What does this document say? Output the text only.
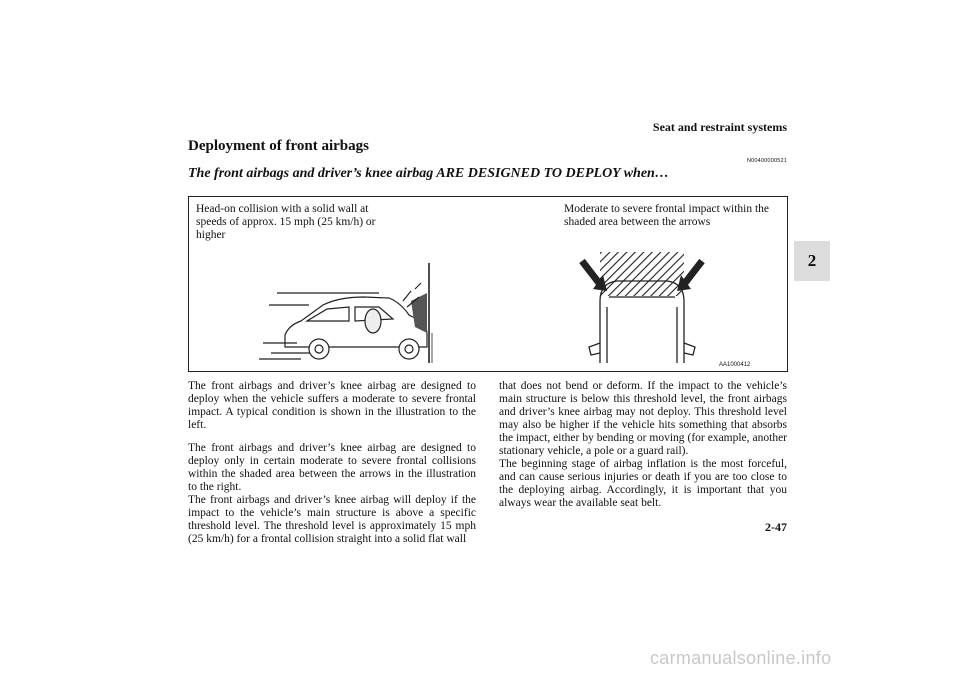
Seat and restraint systems
Deployment of front airbags
N00400000521
The front airbags and driver’s knee airbag ARE DESIGNED TO DEPLOY when…
2
Head-on collision with a solid wall at speeds of approx. 15 mph (25 km/h) or higher
Moderate to severe frontal impact within the shaded area between the arrows
AA1000412

The front airbags and driver’s knee airbag are designed to deploy when the vehicle suffers a moderate to severe frontal impact. A typical condition is shown in the illustration to the left.

The front airbags and driver’s knee airbag are designed to deploy only in certain moderate to severe frontal collisions within the shaded area between the arrows in the illustration to the right.

The front airbags and driver’s knee airbag will deploy if the impact to the vehicle’s main structure is above a specific threshold level. The threshold level is approximately 15 mph (25 km/h) for a frontal collision straight into a solid flat wall

that does not bend or deform. If the impact to the vehicle’s main structure is below this threshold level, the front airbags and driver’s knee airbag may not deploy. This threshold level may also be higher if the vehicle hits something that absorbs the impact, either by bending or moving (for example, another stationary vehicle, a pole or a guard rail).

The beginning stage of airbag inflation is the most forceful, and can cause serious injuries or death if you are too close to the deploying airbag. Accordingly, it is important that you always wear the available seat belt.

2-47
carmanualsonline.info
